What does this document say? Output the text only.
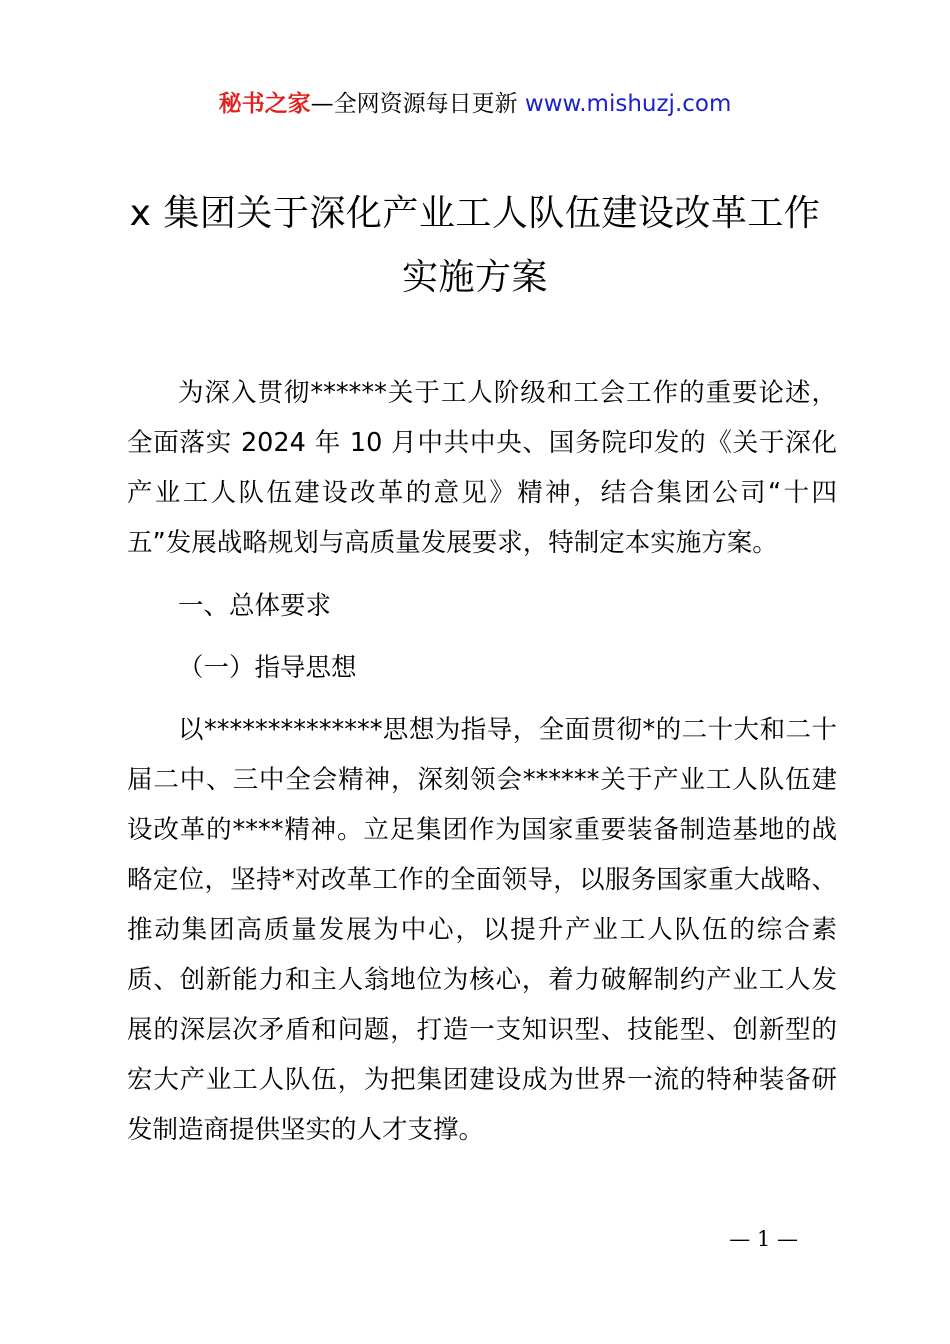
秘书之家—全网资源每日更新 www.mishuzj.com
x 集团关于深化产业工人队伍建设改革工作
实施方案

为深入贯彻******关于工人阶级和工会工作的重要论述，全面落实 2024 年 10 月中共中央、国务院印发的《关于深化产业工人队伍建设改革的意见》精神，结合集团公司“十四五”发展战略规划与高质量发展要求，特制定本实施方案。

一、总体要求

（一）指导思想

以**************思想为指导，全面贯彻*的二十大和二十届二中、三中全会精神，深刻领会******关于产业工人队伍建设改革的****精神。立足集团作为国家重要装备制造基地的战略定位，坚持*对改革工作的全面领导，以服务国家重大战略、推动集团高质量发展为中心，以提升产业工人队伍的综合素质、创新能力和主人翁地位为核心，着力破解制约产业工人发展的深层次矛盾和问题，打造一支知识型、技能型、创新型的宏大产业工人队伍，为把集团建设成为世界一流的特种装备研发制造商提供坚实的人才支撑。

— 1 —
